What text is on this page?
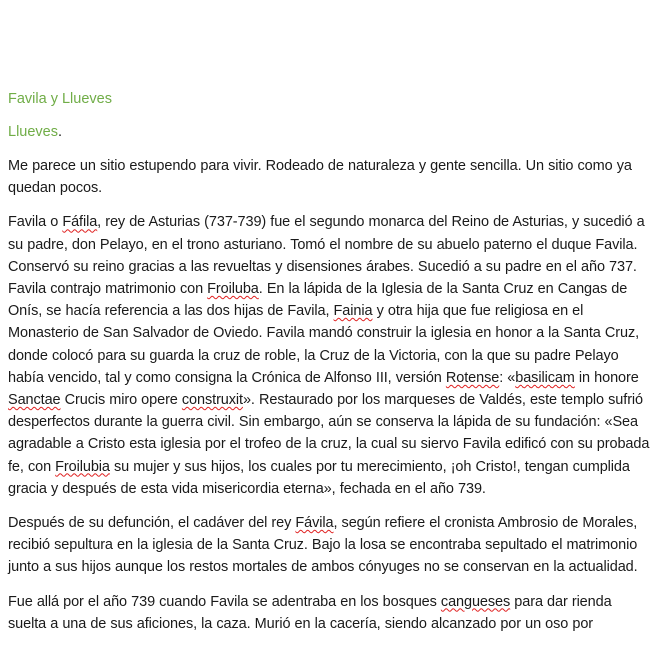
Favila y Llueves
Llueves.

Me parece un sitio estupendo para vivir. Rodeado de naturaleza y gente sencilla. Un sitio como ya quedan pocos.

Favila o Fáfila, rey de Asturias (737-739) fue el segundo monarca del Reino de Asturias, y sucedió a su padre, don Pelayo, en el trono asturiano. Tomó el nombre de su abuelo paterno el duque Favila. Conservó su reino gracias a las revueltas y disensiones árabes. Sucedió a su padre en el año 737. Favila contrajo matrimonio con Froiluba. En la lápida de la Iglesia de la Santa Cruz en Cangas de Onís, se hacía referencia a las dos hijas de Favila, Fainia y otra hija que fue religiosa en el Monasterio de San Salvador de Oviedo. Favila mandó construir la iglesia en honor a la Santa Cruz, donde colocó para su guarda la cruz de roble, la Cruz de la Victoria, con la que su padre Pelayo había vencido, tal y como consigna la Crónica de Alfonso III, versión Rotense: «basilicam in honore Sanctae Crucis miro opere construxit». Restaurado por los marqueses de Valdés, este templo sufrió desperfectos durante la guerra civil. Sin embargo, aún se conserva la lápida de su fundación: «Sea agradable a Cristo esta iglesia por el trofeo de la cruz, la cual su siervo Favila edificó con su probada fe, con Froilubia su mujer y sus hijos, los cuales por tu merecimiento, ¡oh Cristo!, tengan cumplida gracia y después de esta vida misericordia eterna», fechada en el año 739.

Después de su defunción, el cadáver del rey Fávila, según refiere el cronista Ambrosio de Morales, recibió sepultura en la iglesia de la Santa Cruz. Bajo la losa se encontraba sepultado el matrimonio junto a sus hijos aunque los restos mortales de ambos cónyuges no se conservan en la actualidad.

Fue allá por el año 739 cuando Favila se adentraba en los bosques cangueses para dar rienda suelta a una de sus aficiones, la caza. Murió en la cacería, siendo alcanzado por un oso por
